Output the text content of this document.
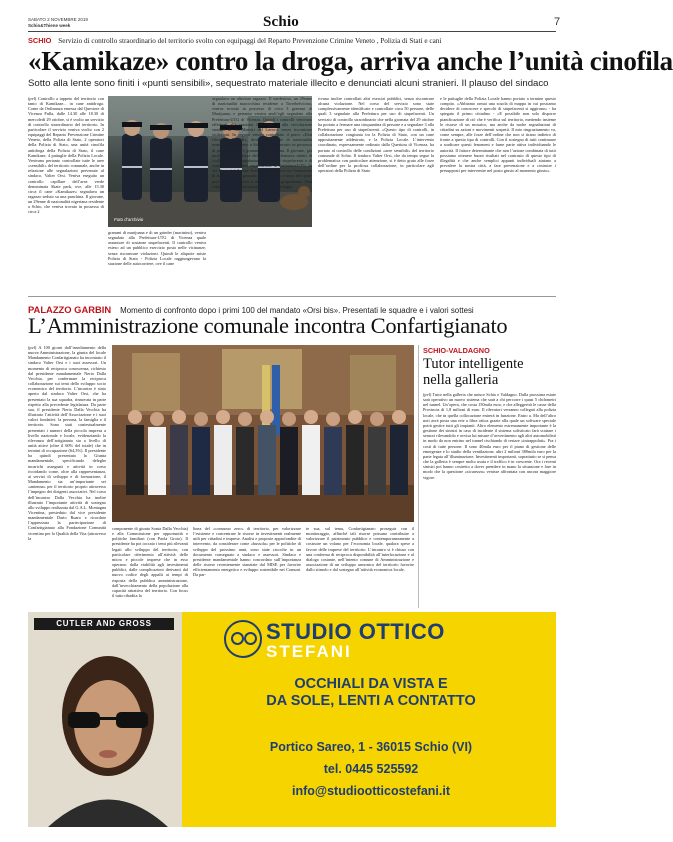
SABATO 2 NOVEMBRE 2019
Schio&Thiene week	Schio	7
SCHIO Servizio di controllo straordinario del territorio svolto con equipaggi del Reparto Prevenzione Crimine Veneto , Polizia di Stati e cani
«Kamikaze» contro la droga, arriva anche l’unità cinofila
Sotto alla lente sono finiti i «punti sensibili», sequestrato materiale illecito e denunciati alcuni stranieri. Il plauso del sindaco
(pvl) Controllo a tappeto del territorio con tanto di Kamikaze... in cane antidroga. Come da Ordinanza emessa dal Questore di Vicenza Fulla, dalle 14.30 alle 18.30 di mercoledì 29 ottobre, si è svolto un servizio di controllo straordinario del territorio. In particolare il servizio veniva svolto con 2 equipaggi del Reparto Prevenzione Crimine Veneto, della Polizia di Stato, 2 operatori della Polizia di Stato, una unità cinofila antidroga della Polizia di Stato, il cane Kamikaze, 4 pattuglie della Polizia Locale. Venivano pertanto controllate tutte le aree «sensibili» del territorio comunale, anche in relazione alle segnalazioni pervenute al sindaco, Valter Orsi. Veniva eseguito un controllo capillare dell’area verde denominata Skate park, ove, alle 15.30 circa il cane «Kamikaze» segnalava un ragazzo seduto su una panchina. Il giovane, un 29enne di nazionalità nigeriana residente a Schio, che veniva trovato in possesso di circa 2
Foto d’archivio
grammi di marijuana e di un grinder (macinino), veniva segnalato alla Prefettura-UTG di Vicenza quale assuntore di sostanze stupefacenti. Il controllo veniva esteso ad un pubblico esercizio posto nelle vicinanze, senza riscontrare violazioni. Quindi le aliquote miste Polizia di Stato - Polizia Locale raggiungevano la stazione delle autocorriere, ove il cane
segnalava un ulteriore ragazzo. Il medesimo, un 29enne di nazionalità marocchina residente a Torrebelvicino, veniva trovato in possesso di circa 3 grammi di Marijuana, e pertanto veniva anch’egli segnalato alla Prefettura-UTG di Vicenza. Quindi i controlli venivano effettuati alla stazione ferroviaria e alla circolazione stradale di via Maestri del Lavoro, senza riscontrare violazioni. In seguito veniva controllato il parco «Don Giuseppe Rinaldi», dove un 19enne di nazionalità senegalese, residente a Schio, veniva trovato in possesso di poco meno di 1 grammo di marijuana. Il giovane, già molto noto alle forze dell’ordine, confermava infatti di «collezionare» segnalazioni per uso di stupefacenti e di essere già alla 18ma segnalazione in Prefettura-UTG. In via Baccarini il cane Kamikaze rinveniva un frammento di hashish di un grammo abbandonato a terra del quale però non si riusciva a individuare il proprietario. Non venivano invece riscontrate violazioni di legge
rivano inoltre controllati altri esercizi pubblici, senza riscontrare alcuna violazione. Nel corso del servizio sono state complessivamente identificate e controllate circa 50 persone, delle quali 3 segnalate alla Prefettura per uso di stupefacenti. Un servizio di controllo straordinario che nella giornata del 29 ottobre ha portato a fermare una cinquantina di persone e a segnalare 3 alla Prefettura per uso di stupefacenti. «Questo tipo di controlli, in collaborazione congiunta tra la Polizia di Stato, con un cane appositamente addestrato, e la Polizia Locale. L’intervento coordinato, espressamente ordinato dalla Questura di Vicenza, ha portato al controllo delle condizioni «aree sensibili» del territorio comunale di Schio. Il sindaco Valter Orsi, che da tempo segue la problematica con particolare attenzione, si è detto grato alle forze dell’ordine per la proficua collaborazione, in particolare agli operatori della Polizia di Stato
e le pattuglie della Polizia Locale hanno portato a termine questo compito. «Abbiamo ormai una scuola di mappa in cui possiamo decidere di conoscere e specchi di stupefacenti si aggirano» - ha spiegato il primo cittadino - «E possibile non solo disporre pianificazione di ciò che è verifica sul territorio, mettendo insieme le risorse di un mosaico, ma anche da molte segnalazioni di cittadini su azioni e movimenti sospetti. Il mio ringraziamento va, come sempre, alle forze dell’ordine che non si tirano indietro di fronte a questo tipo di controlli. Con il sostegno di tutti continuare a sradicare questi fenomeni e farne parte attiva individuando le autorità. Il fattore determinante che non l’azione combinata di tutti possiamo ottenere buoni risultati nel contrasto di questo tipo di illegalità e che anche semplici appunti individuali aiutano a prevalere la nostra città, a fare prevenzione e a costruire i presupposti per intervenire nel posto giusto al momento giusto».
PALAZZO GARBIN Momento di confronto dopo i primi 100 del mandato «Orsi bis». Presentati le squadre e i valori sottesi
L’Amministrazione comunale incontra Confartigianato
(pvl) A 100 giorni dall’insediamento della nuova Amministrazione, la giunta del locale Mandamento Confartigianato ha incontrato il sindaco Valter Orsi e i suoi assessori. Un momento di reciproca conoscenza, richiesto dal presidente mandamentale Nerio Dalla Vecchia, per confermare la reciproca collaborazione sui temi dello sviluppo socio economico del territorio. L’incontro è stato aperto dal sindaco Valter Orsi, che ha presentato la sua squadra, rinnovata in parte rispetto alla precedente legislatura. Da parte sua, il presidente Nerio Dalla Vecchia ha illustrato l’attività dell’Associazione e i suoi valori fondativi: la persona, la famiglia e il territorio. Sono stati contestualmente presentati i numeri della piccola impresa a livello nazionale e locale, evidenziando la rilevanza dell’artigianato sia a livello di unità attive (oltre il 60% del totale) che in termini di occupazione (64,3%). Il presidente ha quindi presentato la Giunta mandamentale, specificando deleghe incarichi assegnati e attività in corso ricordando come, oltre alla rappresentanza, ai servizi di sviluppo e di formazione, il Mandamento sia un’importante sei «antenna» per il territorio proprio attraverso l’impegno dei dirigenti associativi. Nel corso dell’incontro Dalla Vecchia ha inoltre illustrato l’importante attività di sostegno allo sviluppo realizzata dal G.A.L. Montagna Vicentina, presieduto dal vice presidente mandamentale Dario Ruaro e ricordato l’apprezzata la partecipazione di Confartigianato alla Fondazione Comunità vicentina per la Qualità della Vita (attraverso la
componente di giunta Sonia Dalla Vecchia) e alla Commissione per opportunità e politiche familiari (con Paola Groto). Il presidente ha poi toccato i temi più rilevanti legati allo sviluppo del territorio, con particolare riferimento all’attività delle micro e piccole imprese che in esso operano: dalla viabilità agli investimenti pubblici, dalle complicazioni derivanti dal nuovo codice degli appalti ai tempi di risposta della pubblica amministrazione, dall’invecchiamento della popolazione alla capacità attrattiva del territorio. Con focus il tutto ribadita la
linea del «consumo zero» di territorio, per valorizzare l’esistente e concentrare le risorse in investimenti realmente utili per cittadini e imprese. Analisi e proposte approfondite di intervento, da considerare come «bussola» per le politiche di sviluppo del prossimo anni, sono state raccolte in un documento consegnato a sindaco e assessori. Sindaco e presidente mandamentale hanno concordato sull’importanza delle risorse recentemente stanziate dal MISE per favorire efficientamento energetico e sviluppo sostenibile nei Comuni. Da par-
te sua, sul tema, Confartigianato proseguir con il monitoraggio, affinché tali risorse possano contribuire a valorizzare il patrimonio pubblico e contemporaneamente a costruire un volano per l’economia locale, qualora spese a favore delle imprese del territorio. L’incontro si è chiuso con una conferma di reciproca disponibilità all’interlocuzione e al dialogo costante, nell’intento comune di Amministrazione e associazione di un sviluppo armonico del territorio favorire dallo stimolo e dal sostegno all’attività economica locale.
SCHIO-VALDAGNO
Tutor intelligente
nella galleria
(pvl) Tutor nella galleria che unisce Schio e Valdagno. Dalla prossima estate sarà operativo un nuovo sistema che sarà a chi percorre i quasi 5 chilometri nel tunnel. Un’opera, che costa 150mila euro, e che alleggerirà le casse della Provincia di 1,8 milioni di euro. Il rilevatori verranno collegati alla polizia locale, che in quella collocazione entrerà in funzione. Entro a. Ma dell’altro noti avrà posta una rete a fibra ottica grazie alla quale un software speciale potrà gestire tutti gli impianti. Altro elemento estremamente importante è la gestione dei sinistri in caso di incidente il sistema sofisticato farà scattare i sensori rilevandolo e avvisa lui misure d’avvertimento agli altri automobilisti in modo da non entrino nel tunnel rischiando di restare «intrappolati». Fra i costi di tutte persone. Il sono 40mila euro per il piano di gestione delle emergenze e lo studio della ventilazione, altri 2 milioni 380mila euro per la parte legata all’illuminazione. Investimenti importanti, soprattutto se si pensa che la galleria è sempre molto usata e il traffico è in crescente. Ora i recenti sinistri poi hanno costretto a dover prendere in mano la situazione e fare in modo che la questione «sicurezza» venisse affrontata con ancora maggiore vigore.
CUTLER AND GROSS	STUDIO OTTICO
STEFANI
OCCHIALI DA VISTA E
DA SOLE, LENTI A CONTATTO
Portico Sareo, 1 - 36015 Schio (VI)
tel. 0445 525592
info@studiootticostefani.it
